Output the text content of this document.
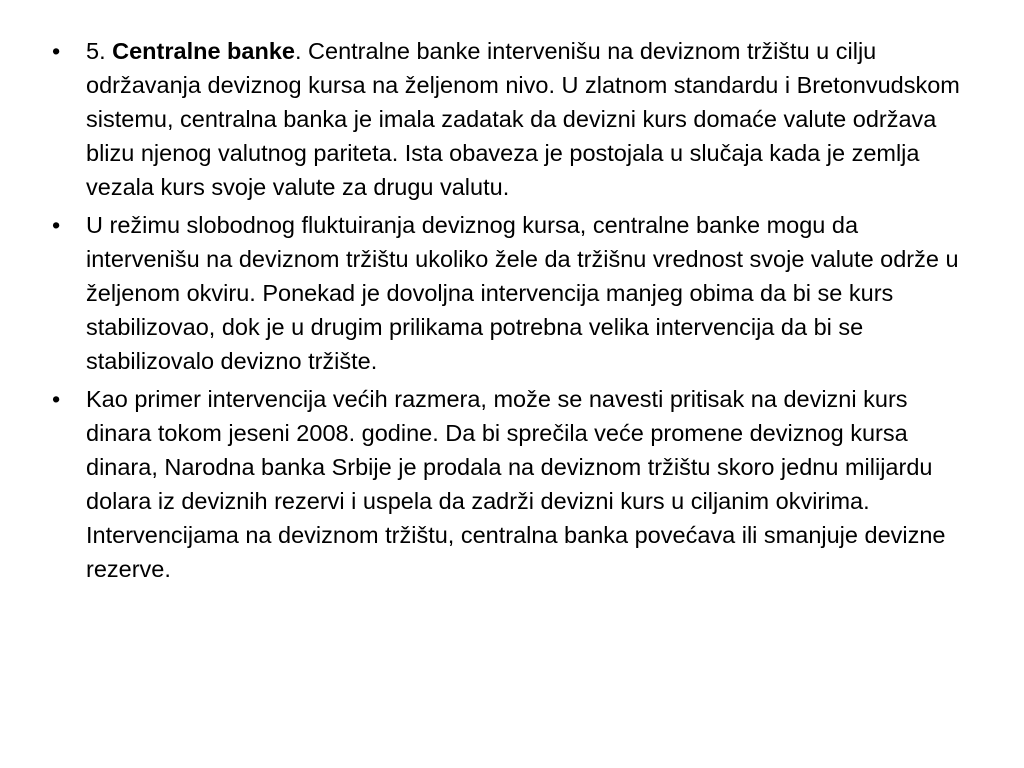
•	5. Centralne banke. Centralne banke intervenišu na deviznom tržištu u cilju održavanja deviznog kursa na željenom nivo. U zlatnom standardu i Bretonvudskom sistemu, centralna banka je imala zadatak da devizni kurs domaće valute održava blizu njenog valutnog pariteta. Ista obaveza je postojala u slučaja kada je zemlja vezala kurs svoje valute za drugu valutu.
•	U režimu slobodnog fluktuiranja deviznog kursa, centralne banke mogu da intervenišu na deviznom tržištu ukoliko žele da tržišnu vrednost svoje valute održe u željenom okviru. Ponekad je dovoljna intervencija manjeg obima da bi se kurs stabilizovao, dok je u drugim prilikama potrebna velika intervencija da bi se stabilizovalo devizno tržište.
•	Kao primer intervencija većih razmera, može se navesti pritisak na devizni kurs dinara tokom jeseni 2008. godine. Da bi sprečila veće promene deviznog kursa dinara, Narodna banka Srbije je prodala na deviznom tržištu skoro jednu milijardu dolara iz deviznih rezervi i uspela da zadrži devizni kurs u ciljanim okvirima. Intervencijama na deviznom tržištu, centralna banka povećava ili smanjuje devizne rezerve.
